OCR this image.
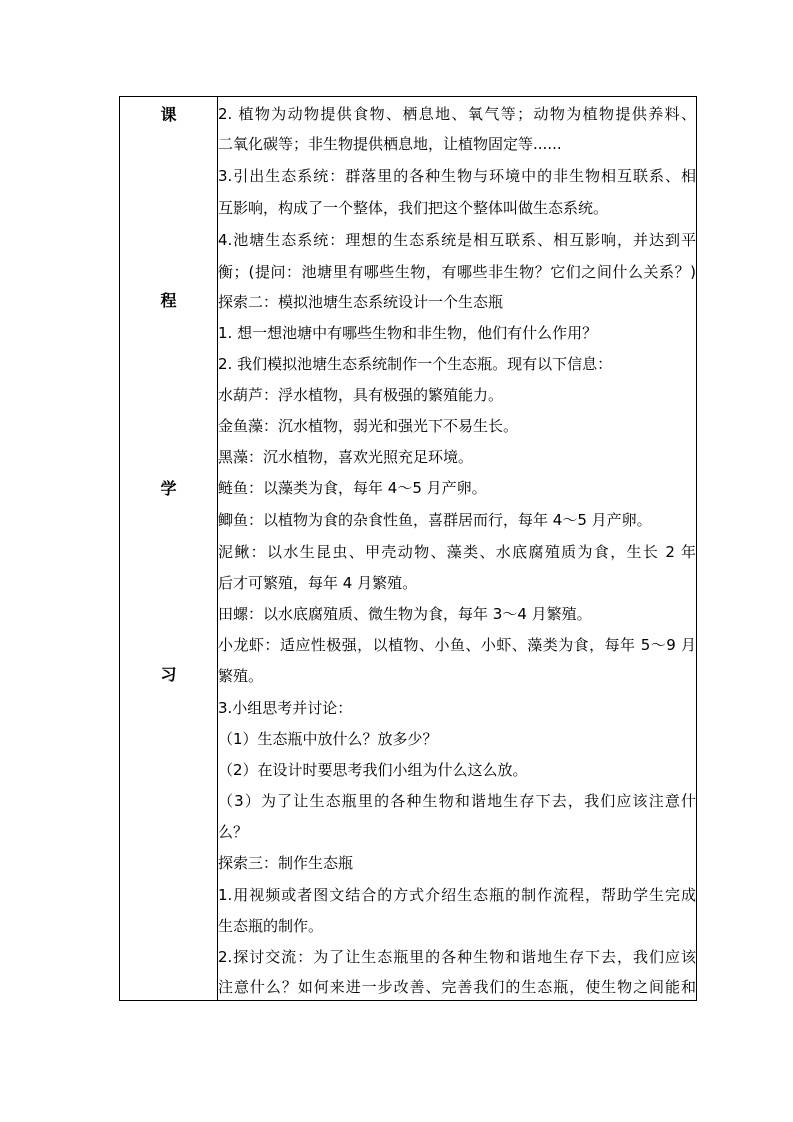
课
程
学
习
2. 植物为动物提供食物、栖息地、氧气等；动物为植物提供养料、
二氧化碳等；非生物提供栖息地，让植物固定等......
3.引出生态系统：群落里的各种生物与环境中的非生物相互联系、相
互影响，构成了一个整体，我们把这个整体叫做生态系统。
4.池塘生态系统：理想的生态系统是相互联系、相互影响，并达到平
衡；(提问：池塘里有哪些生物，有哪些非生物？它们之间什么关系？)
探索二：模拟池塘生态系统设计一个生态瓶
1. 想一想池塘中有哪些生物和非生物，他们有什么作用？
2. 我们模拟池塘生态系统制作一个生态瓶。现有以下信息：
水葫芦：浮水植物，具有极强的繁殖能力。
金鱼藻：沉水植物，弱光和强光下不易生长。
黑藻：沉水植物，喜欢光照充足环境。
鲢鱼：以藻类为食，每年 4～5 月产卵。
鲫鱼：以植物为食的杂食性鱼，喜群居而行，每年 4～5 月产卵。
泥鳅：以水生昆虫、甲壳动物、藻类、水底腐殖质为食，生长 2 年
后才可繁殖，每年 4 月繁殖。
田螺：以水底腐殖质、微生物为食，每年 3～4 月繁殖。
小龙虾：适应性极强，以植物、小鱼、小虾、藻类为食，每年 5～9 月
繁殖。
3.小组思考并讨论：
（1）生态瓶中放什么？放多少？
（2）在设计时要思考我们小组为什么这么放。
（3）为了让生态瓶里的各种生物和谐地生存下去，我们应该注意什
么？
探索三：制作生态瓶
1.用视频或者图文结合的方式介绍生态瓶的制作流程，帮助学生完成
生态瓶的制作。
2.探讨交流：为了让生态瓶里的各种生物和谐地生存下去，我们应该
注意什么？如何来进一步改善、完善我们的生态瓶，使生物之间能和
